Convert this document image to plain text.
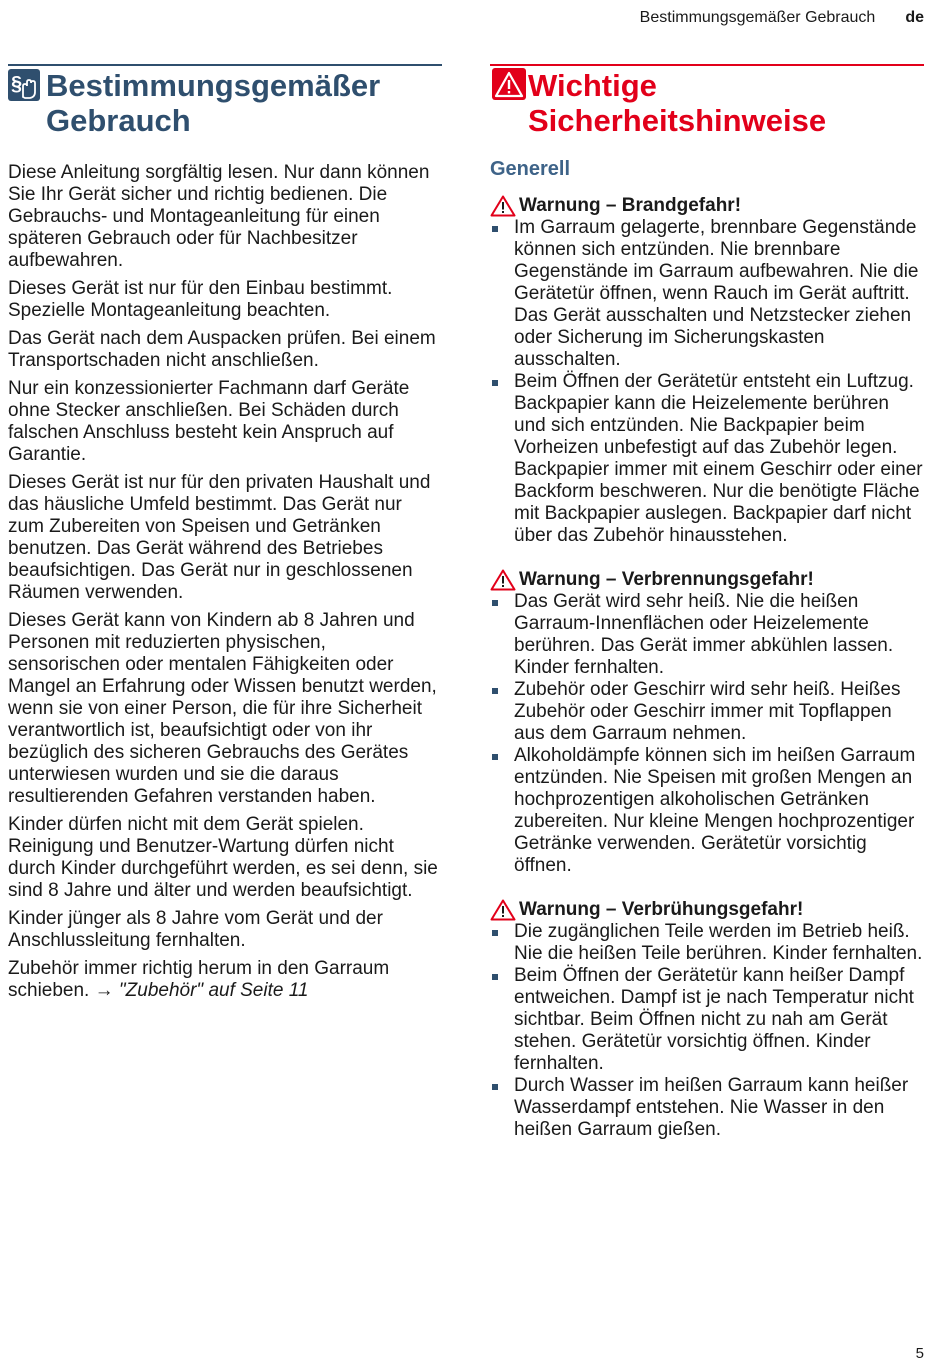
Bestimmungsgemäßer Gebrauch de
§ Bestimmungsgemäßer Gebrauch

Diese Anleitung sorgfältig lesen. Nur dann können Sie Ihr Gerät sicher und richtig bedienen. Die Gebrauchs- und Montageanleitung für einen späteren Gebrauch oder für Nachbesitzer aufbewahren.

Dieses Gerät ist nur für den Einbau bestimmt. Spezielle Montageanleitung beachten.

Das Gerät nach dem Auspacken prüfen. Bei einem Transportschaden nicht anschließen.

Nur ein konzessionierter Fachmann darf Geräte ohne Stecker anschließen. Bei Schäden durch falschen Anschluss besteht kein Anspruch auf Garantie.

Dieses Gerät ist nur für den privaten Haushalt und das häusliche Umfeld bestimmt. Das Gerät nur zum Zubereiten von Speisen und Getränken benutzen. Das Gerät während des Betriebes beaufsichtigen. Das Gerät nur in geschlossenen Räumen verwenden.

Dieses Gerät kann von Kindern ab 8 Jahren und Personen mit reduzierten physischen, sensorischen oder mentalen Fähigkeiten oder Mangel an Erfahrung oder Wissen benutzt werden, wenn sie von einer Person, die für ihre Sicherheit verantwortlich ist, beaufsichtigt oder von ihr bezüglich des sicheren Gebrauchs des Gerätes unterwiesen wurden und sie die daraus resultierenden Gefahren verstanden haben.

Kinder dürfen nicht mit dem Gerät spielen. Reinigung und Benutzer-Wartung dürfen nicht durch Kinder durchgeführt werden, es sei denn, sie sind 8 Jahre und älter und werden beaufsichtigt.

Kinder jünger als 8 Jahre vom Gerät und der Anschlussleitung fernhalten.

Zubehör immer richtig herum in den Garraum schieben. → "Zubehör" auf Seite 11

Wichtige Sicherheitshinweise
Generell
Warnung – Brandgefahr!
Im Garraum gelagerte, brennbare Gegenstände können sich entzünden. Nie brennbare Gegenstände im Garraum aufbewahren. Nie die Gerätetür öffnen, wenn Rauch im Gerät auftritt. Das Gerät ausschalten und Netzstecker ziehen oder Sicherung im Sicherungskasten ausschalten.
Beim Öffnen der Gerätetür entsteht ein Luftzug. Backpapier kann die Heizelemente berühren und sich entzünden. Nie Backpapier beim Vorheizen unbefestigt auf das Zubehör legen. Backpapier immer mit einem Geschirr oder einer Backform beschweren. Nur die benötigte Fläche mit Backpapier auslegen. Backpapier darf nicht über das Zubehör hinausstehen.
Warnung – Verbrennungsgefahr!
Das Gerät wird sehr heiß. Nie die heißen Garraum-Innenflächen oder Heizelemente berühren. Das Gerät immer abkühlen lassen. Kinder fernhalten.
Zubehör oder Geschirr wird sehr heiß. Heißes Zubehör oder Geschirr immer mit Topflappen aus dem Garraum nehmen.
Alkoholdämpfe können sich im heißen Garraum entzünden. Nie Speisen mit großen Mengen an hochprozentigen alkoholischen Getränken zubereiten. Nur kleine Mengen hochprozentiger Getränke verwenden. Gerätetür vorsichtig öffnen.
Warnung – Verbrühungsgefahr!
Die zugänglichen Teile werden im Betrieb heiß. Nie die heißen Teile berühren. Kinder fernhalten.
Beim Öffnen der Gerätetür kann heißer Dampf entweichen. Dampf ist je nach Temperatur nicht sichtbar. Beim Öffnen nicht zu nah am Gerät stehen. Gerätetür vorsichtig öffnen. Kinder fernhalten.
Durch Wasser im heißen Garraum kann heißer Wasserdampf entstehen. Nie Wasser in den heißen Garraum gießen.
5
